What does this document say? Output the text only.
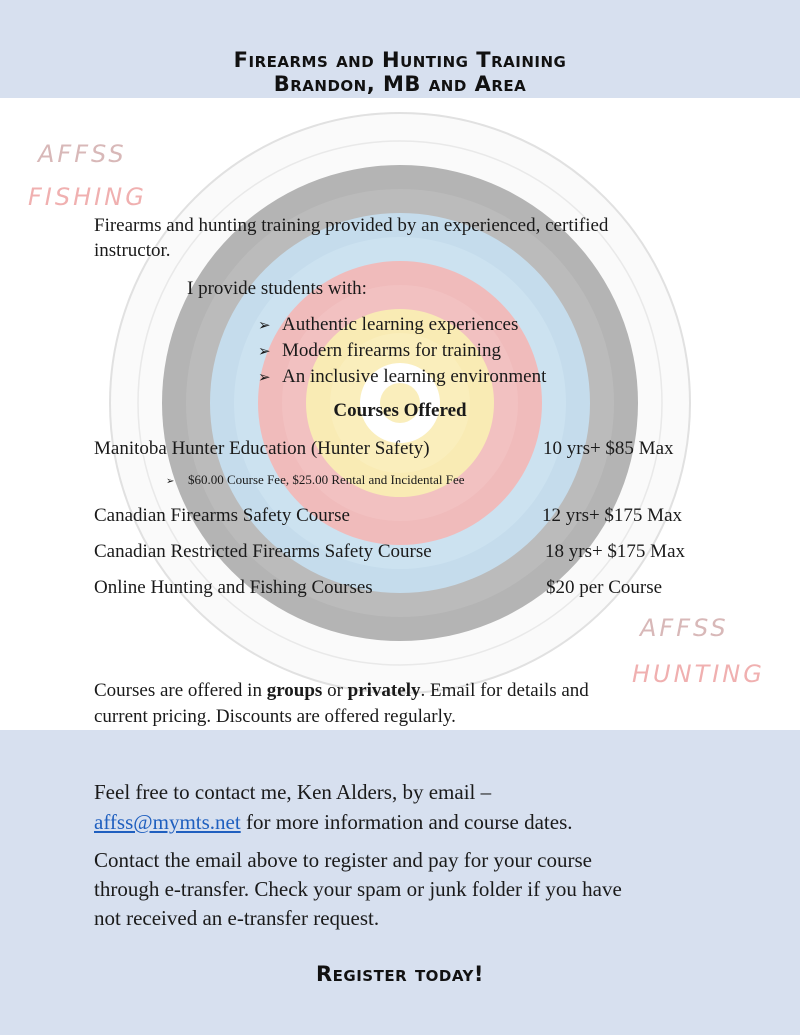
AFFSS
FISHING
AFFSS
HUNTING
Firearms and Hunting Training
Brandon, MB and Area
Firearms and hunting training provided by an experienced, certified
instructor.
I provide students with:
➢ Authentic learning experiences
➢ Modern firearms for training
➢ An inclusive learning environment
Courses Offered
Manitoba Hunter Education (Hunter Safety)	10 yrs+ $85 Max
➢ $60.00 Course Fee, $25.00 Rental and Incidental Fee
Canadian Firearms Safety Course	12 yrs+ $175 Max
Canadian Restricted Firearms Safety Course	18 yrs+ $175 Max
Online Hunting and Fishing Courses	$20 per Course
Courses are offered in groups or privately. Email for details and
current pricing. Discounts are offered regularly.
Feel free to contact me, Ken Alders, by email –
affss@mymts.net for more information and course dates.
Contact the email above to register and pay for your course
through e-transfer. Check your spam or junk folder if you have
not received an e-transfer request.
Register today!
